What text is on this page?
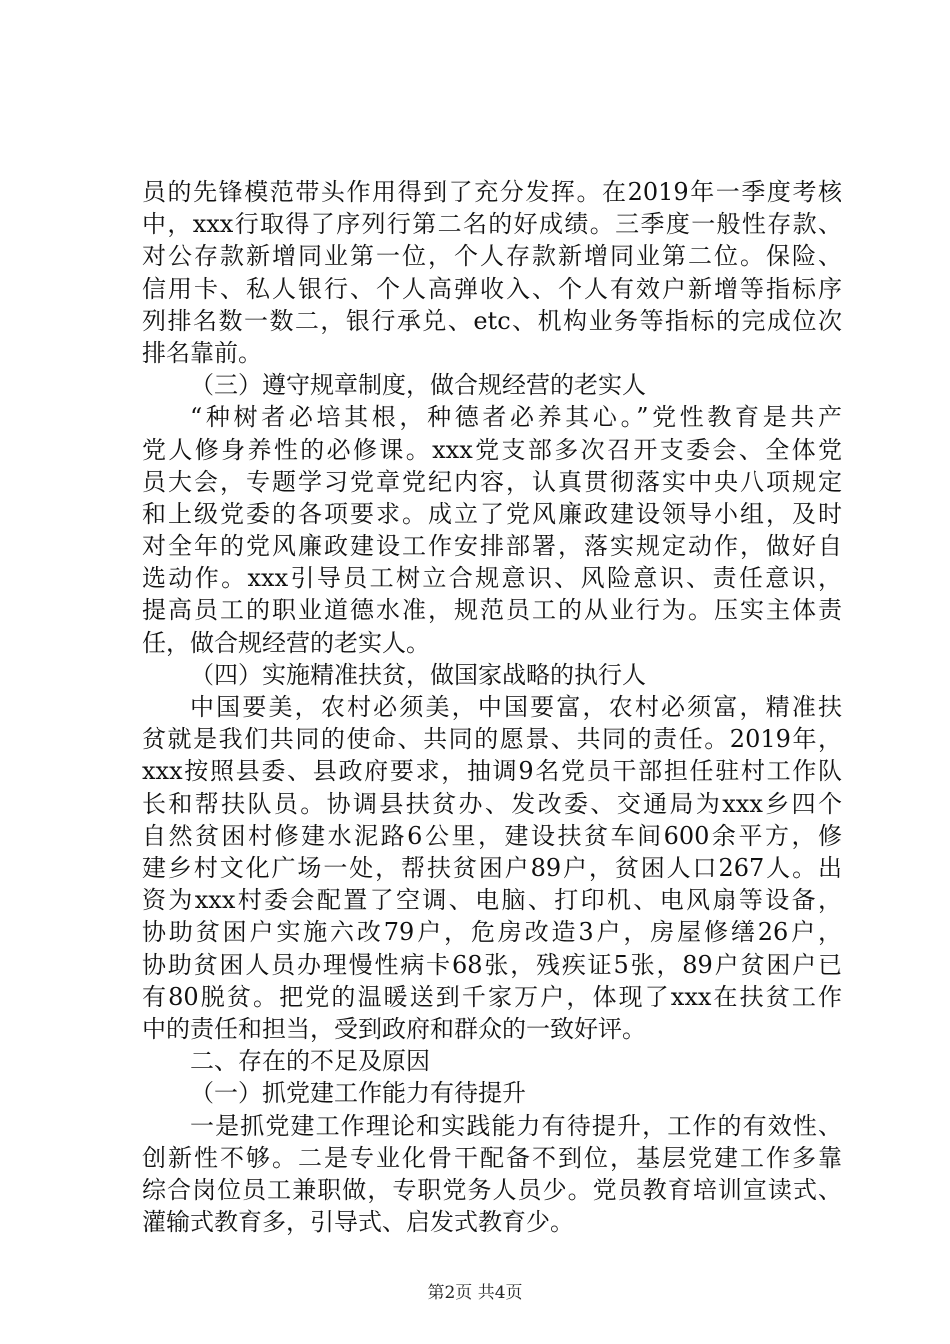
员的先锋模范带头作用得到了充分发挥。在2019年一季度考核
中，xxx行取得了序列行第二名的好成绩。三季度一般性存款、
对公存款新增同业第一位，个人存款新增同业第二位。保险、
信用卡、私人银行、个人高弹收入、个人有效户新增等指标序
列排名数一数二，银行承兑、etc、机构业务等指标的完成位次
排名靠前。
（三）遵守规章制度，做合规经营的老实人
“种树者必培其根，种德者必养其心。”党性教育是共产
党人修身养性的必修课。xxx党支部多次召开支委会、全体党
员大会，专题学习党章党纪内容，认真贯彻落实中央八项规定
和上级党委的各项要求。成立了党风廉政建设领导小组，及时
对全年的党风廉政建设工作安排部署，落实规定动作，做好自
选动作。xxx引导员工树立合规意识、风险意识、责任意识，
提高员工的职业道德水准，规范员工的从业行为。压实主体责
任，做合规经营的老实人。
（四）实施精准扶贫，做国家战略的执行人
中国要美，农村必须美，中国要富，农村必须富，精准扶
贫就是我们共同的使命、共同的愿景、共同的责任。2019年，
xxx按照县委、县政府要求，抽调9名党员干部担任驻村工作队
长和帮扶队员。协调县扶贫办、发改委、交通局为xxx乡四个
自然贫困村修建水泥路6公里，建设扶贫车间600余平方，修
建乡村文化广场一处，帮扶贫困户89户，贫困人口267人。出
资为xxx村委会配置了空调、电脑、打印机、电风扇等设备，
协助贫困户实施六改79户，危房改造3户，房屋修缮26户，
协助贫困人员办理慢性病卡68张，残疾证5张，89户贫困户已
有80脱贫。把党的温暖送到千家万户，体现了xxx在扶贫工作
中的责任和担当，受到政府和群众的一致好评。
二、存在的不足及原因
（一）抓党建工作能力有待提升
一是抓党建工作理论和实践能力有待提升，工作的有效性、
创新性不够。二是专业化骨干配备不到位，基层党建工作多靠
综合岗位员工兼职做，专职党务人员少。党员教育培训宣读式、
灌输式教育多，引导式、启发式教育少。
第2页 共4页
